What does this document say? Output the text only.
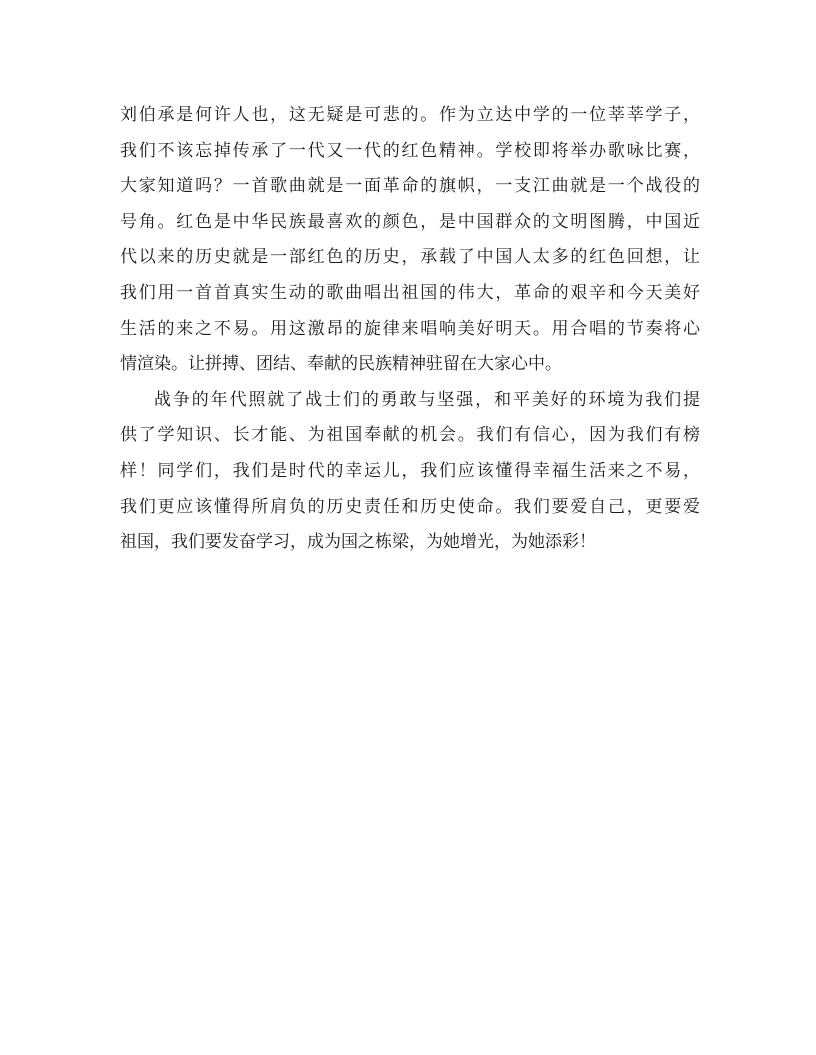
刘伯承是何许人也，这无疑是可悲的。作为立达中学的一位莘莘学子，
我们不该忘掉传承了一代又一代的红色精神。学校即将举办歌咏比赛，
大家知道吗？一首歌曲就是一面革命的旗帜，一支江曲就是一个战役的
号角。红色是中华民族最喜欢的颜色，是中国群众的文明图腾，中国近
代以来的历史就是一部红色的历史，承载了中国人太多的红色回想，让
我们用一首首真实生动的歌曲唱出祖国的伟大，革命的艰辛和今天美好
生活的来之不易。用这激昂的旋律来唱响美好明天。用合唱的节奏将心
情渲染。让拼搏、团结、奉献的民族精神驻留在大家心中。
战争的年代照就了战士们的勇敢与坚强，和平美好的环境为我们提
供了学知识、长才能、为祖国奉献的机会。我们有信心，因为我们有榜
样！同学们，我们是时代的幸运儿，我们应该懂得幸福生活来之不易，
我们更应该懂得所肩负的历史责任和历史使命。我们要爱自己，更要爱
祖国，我们要发奋学习，成为国之栋梁，为她增光，为她添彩！
